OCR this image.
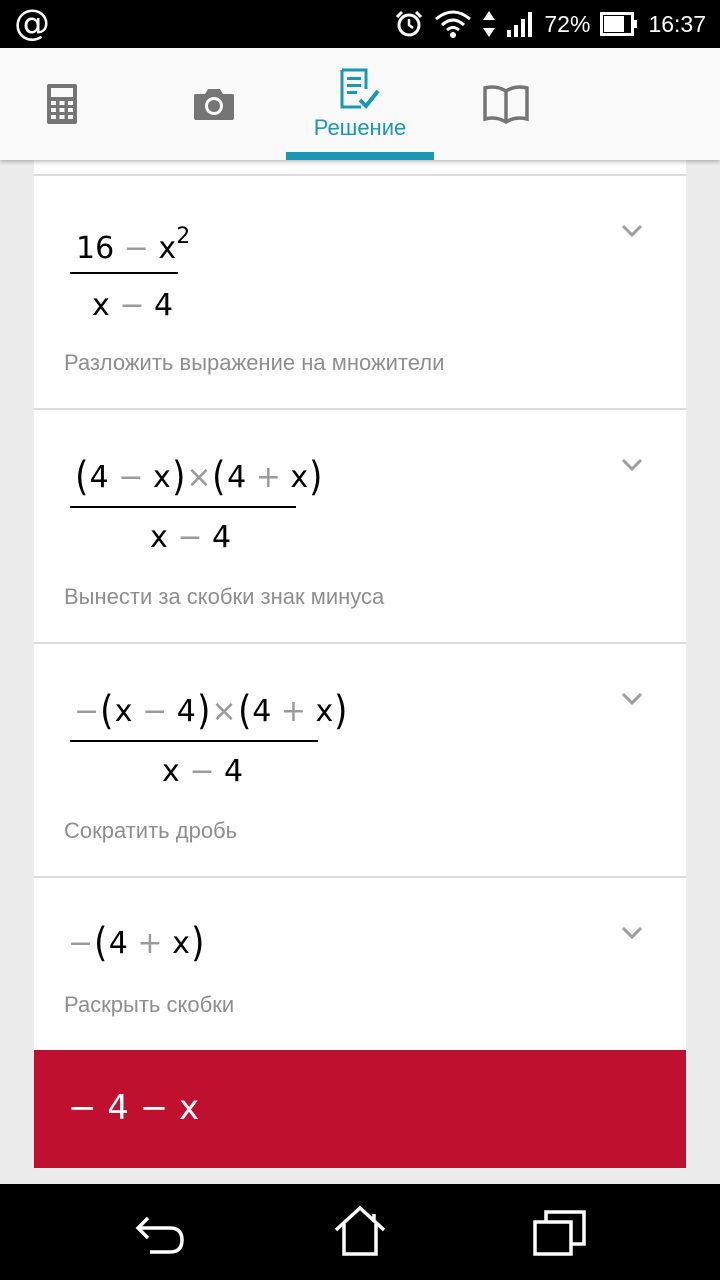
@	72%	16:37
Решение
$16 - x^2$
x − 4
Разложить выражение на множители
(4 − x)×(4 + x)
x − 4
Вынести за скобки знак минуса
−(x − 4)×(4 + x)
x − 4
Сократить дробь
−(4 + x)
Раскрыть скобки
− 4 − x
